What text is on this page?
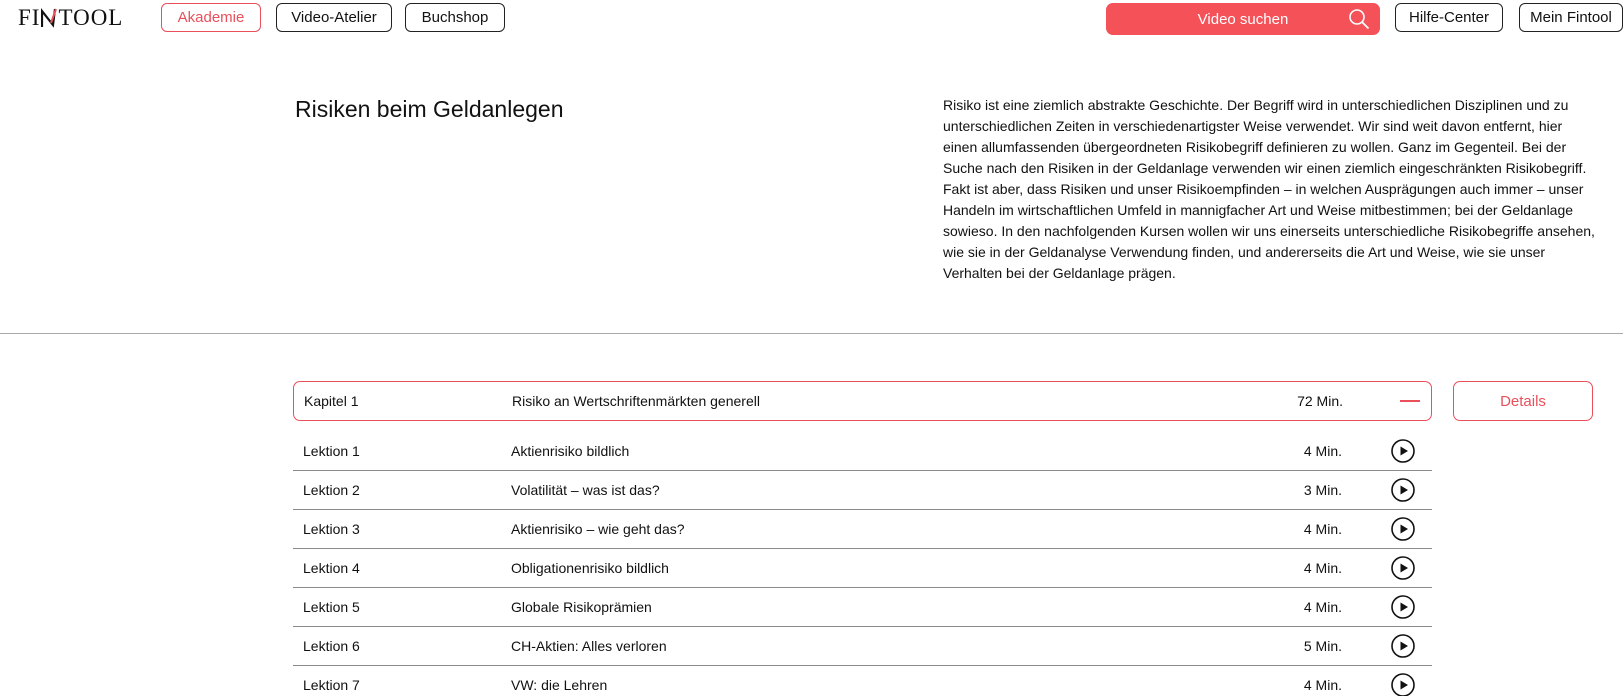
FI TOOL	Akademie	Video-Atelier	Buchshop	Video suchen	Hilfe-Center	Mein Fintool
Risiken beim Geldanlegen	Risiko ist eine ziemlich abstrakte Geschichte. Der Begriff wird in unterschiedlichen Disziplinen und zu unterschiedlichen Zeiten in verschiedenartigster Weise verwendet. Wir sind weit davon entfernt, hier einen allumfassenden übergeordneten Risikobegriff definieren zu wollen. Ganz im Gegenteil. Bei der Suche nach den Risiken in der Geldanlage verwenden wir einen ziemlich eingeschränkten Risikobegriff. Fakt ist aber, dass Risiken und unser Risikoempfinden – in welchen Ausprägungen auch immer – unser Handeln im wirtschaftlichen Umfeld in mannigfacher Art und Weise mitbestimmen; bei der Geldanlage sowieso. In den nachfolgenden Kursen wollen wir uns einerseits unterschiedliche Risikobegriffe ansehen, wie sie in der Geldanalyse Verwendung finden, und andererseits die Art und Weise, wie sie unser Verhalten bei der Geldanlage prägen.

Kapitel 1	Risiko an Wertschriftenmärkten generell	72 Min.	Details
Lektion 1	Aktienrisiko bildlich	4 Min.
Lektion 2	Volatilität – was ist das?	3 Min.
Lektion 3	Aktienrisiko – wie geht das?	4 Min.
Lektion 4	Obligationenrisiko bildlich	4 Min.
Lektion 5	Globale Risikoprämien	4 Min.
Lektion 6	CH-Aktien: Alles verloren	5 Min.
Lektion 7	VW: die Lehren	4 Min.
